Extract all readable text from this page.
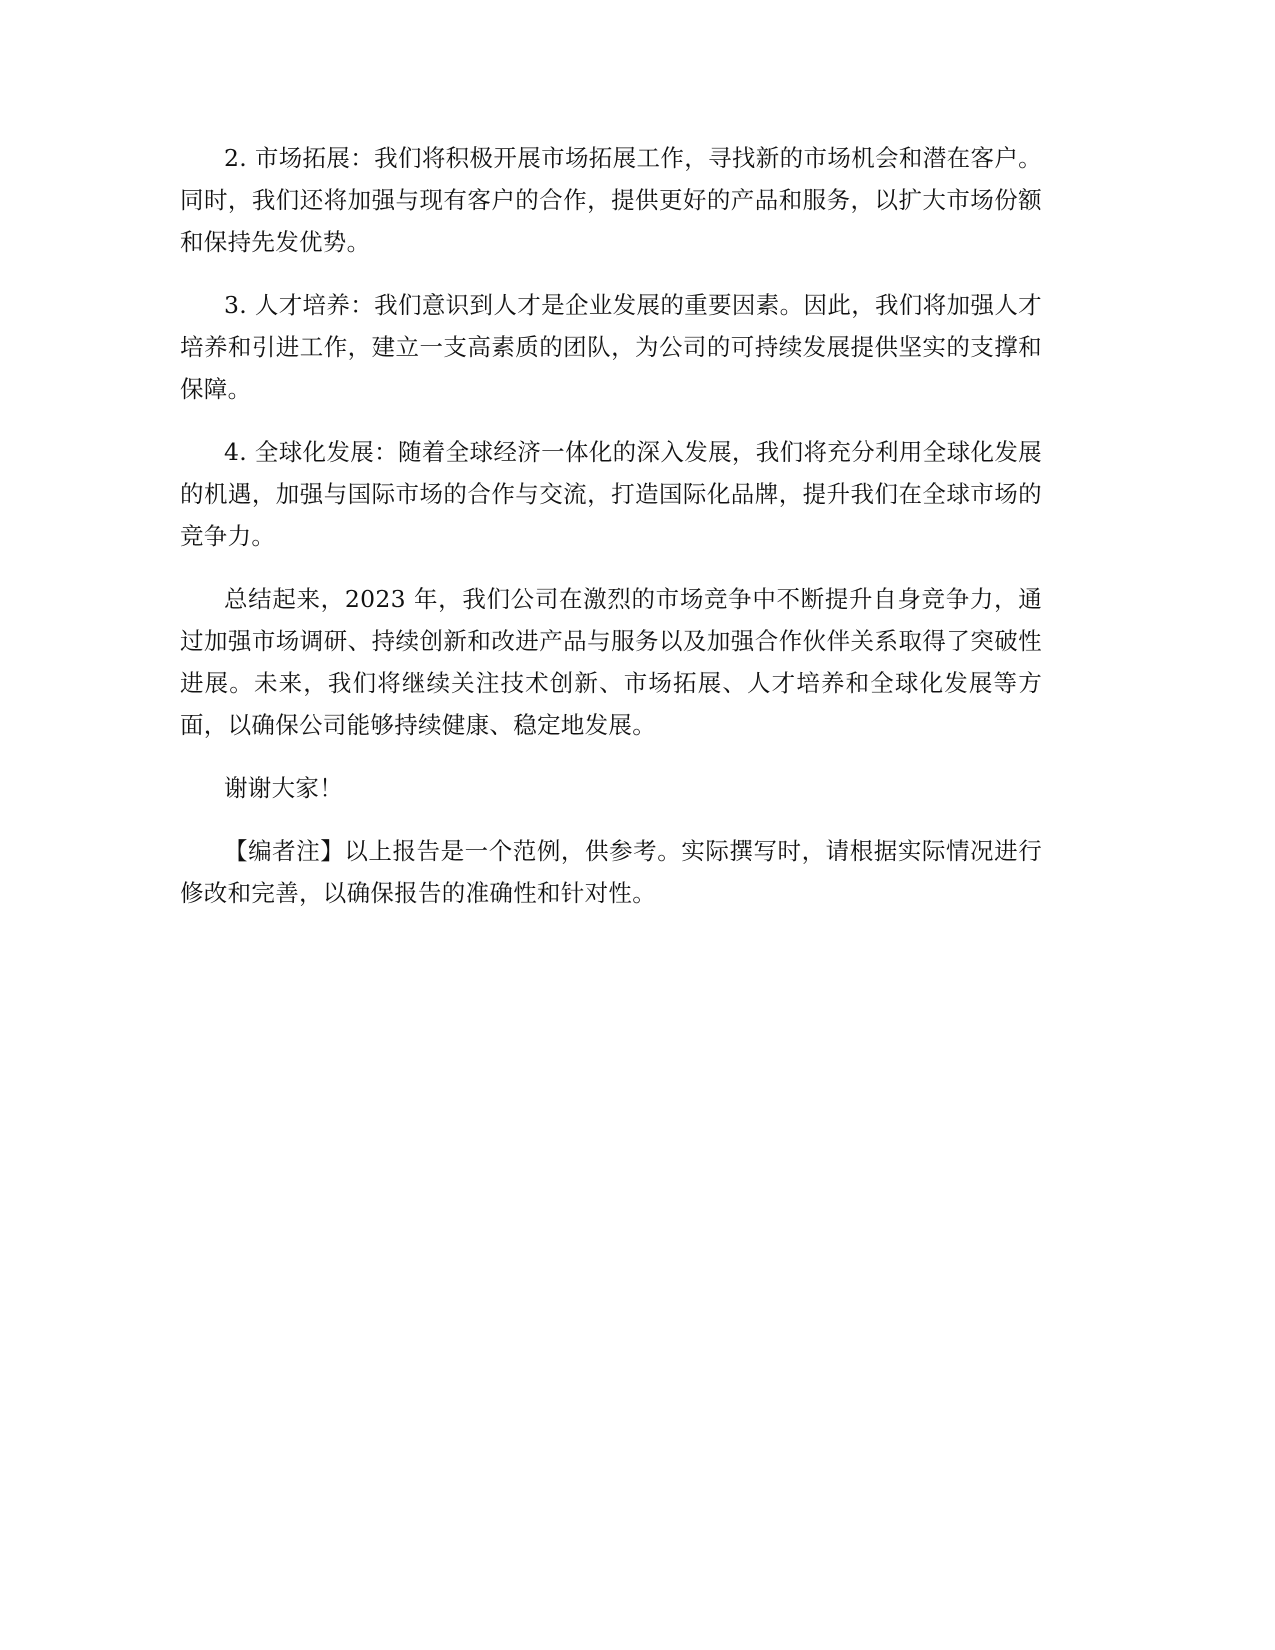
2. 市场拓展：我们将积极开展市场拓展工作，寻找新的市场机会和潜在客户。同时，我们还将加强与现有客户的合作，提供更好的产品和服务，以扩大市场份额和保持先发优势。

3. 人才培养：我们意识到人才是企业发展的重要因素。因此，我们将加强人才培养和引进工作，建立一支高素质的团队，为公司的可持续发展提供坚实的支撑和保障。

4. 全球化发展：随着全球经济一体化的深入发展，我们将充分利用全球化发展的机遇，加强与国际市场的合作与交流，打造国际化品牌，提升我们在全球市场的竞争力。

总结起来，2023 年，我们公司在激烈的市场竞争中不断提升自身竞争力，通过加强市场调研、持续创新和改进产品与服务以及加强合作伙伴关系取得了突破性进展。未来，我们将继续关注技术创新、市场拓展、人才培养和全球化发展等方面，以确保公司能够持续健康、稳定地发展。

谢谢大家！

【编者注】以上报告是一个范例，供参考。实际撰写时，请根据实际情况进行修改和完善，以确保报告的准确性和针对性。
